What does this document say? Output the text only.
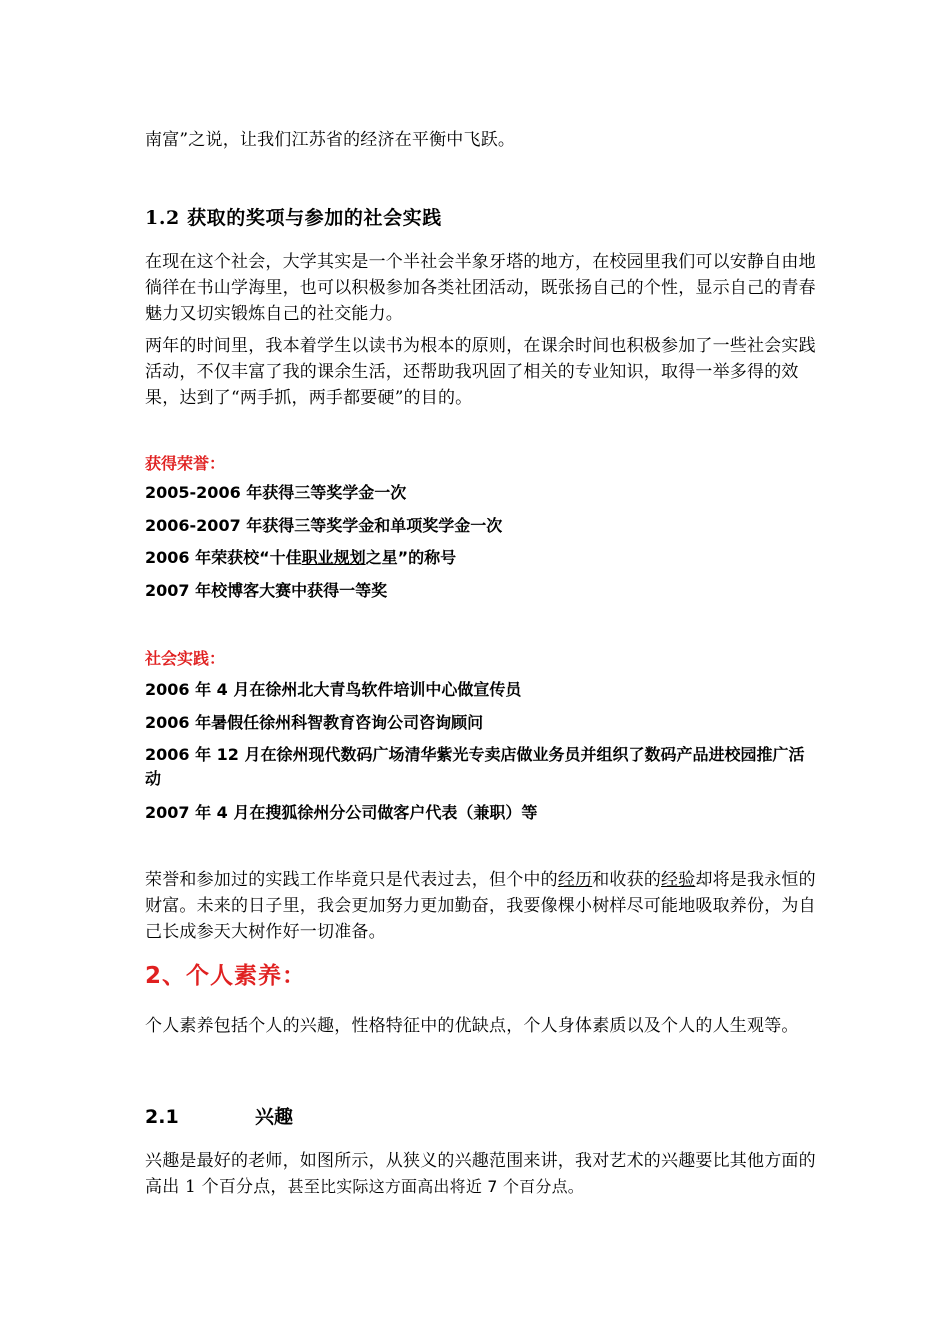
南富”之说，让我们江苏省的经济在平衡中飞跃。

1.2 获取的奖项与参加的社会实践

在现在这个社会，大学其实是一个半社会半象牙塔的地方，在校园里我们可以安静自由地徜徉在书山学海里，也可以积极参加各类社团活动，既张扬自己的个性，显示自己的青春魅力又切实锻炼自己的社交能力。

两年的时间里，我本着学生以读书为根本的原则，在课余时间也积极参加了一些社会实践活动，不仅丰富了我的课余生活，还帮助我巩固了相关的专业知识，取得一举多得的效果，达到了“两手抓，两手都要硬”的目的。

获得荣誉：
2005-2006 年获得三等奖学金一次
2006-2007 年获得三等奖学金和单项奖学金一次
2006 年荣获校“十佳职业规划之星”的称号
2007 年校博客大赛中获得一等奖
社会实践：
2006 年 4 月在徐州北大青鸟软件培训中心做宣传员
2006 年暑假任徐州科智教育咨询公司咨询顾问
2006 年 12 月在徐州现代数码广场清华紫光专卖店做业务员并组织了数码产品进校园推广活动
2007 年 4 月在搜狐徐州分公司做客户代表（兼职）等

荣誉和参加过的实践工作毕竟只是代表过去，但个中的经历和收获的经验却将是我永恒的财富。未来的日子里，我会更加努力更加勤奋，我要像棵小树样尽可能地吸取养份，为自己长成参天大树作好一切准备。

2、个人素养：

个人素养包括个人的兴趣，性格特征中的优缺点，个人身体素质以及个人的人生观等。

2.1	兴趣

兴趣是最好的老师，如图所示，从狭义的兴趣范围来讲，我对艺术的兴趣要比其他方面的高出 1 个百分点，甚至比实际这方面高出将近 7 个百分点。
